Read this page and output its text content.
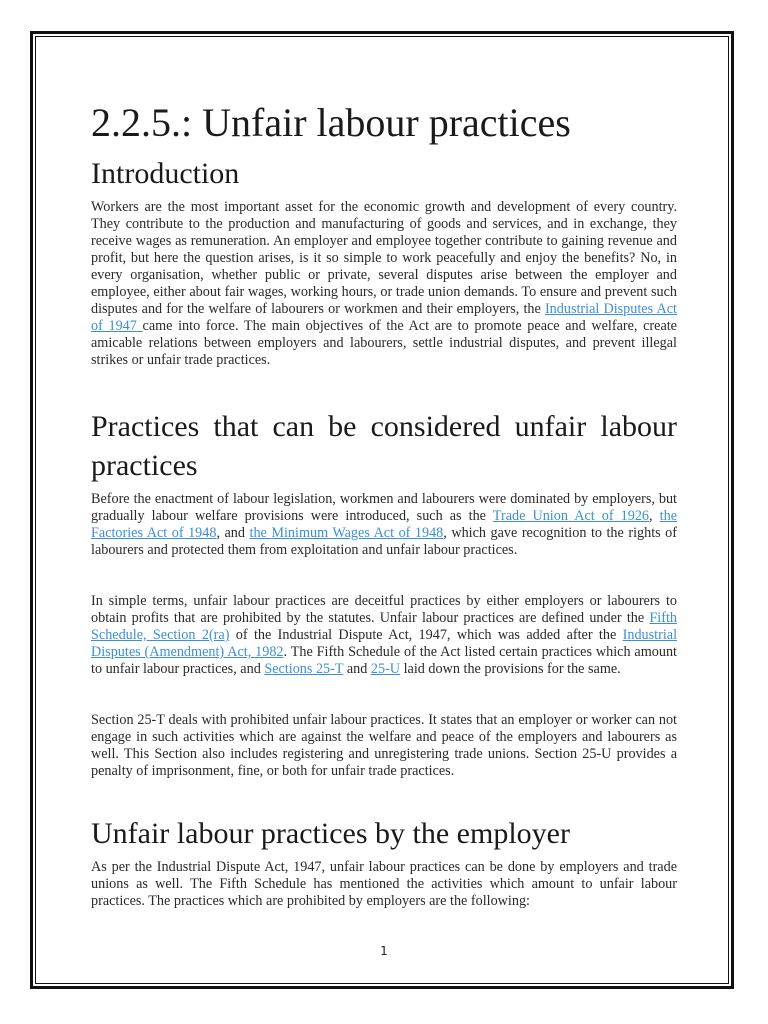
2.2.5.: Unfair labour practices
Introduction

Workers are the most important asset for the economic growth and development of every country. They contribute to the production and manufacturing of goods and services, and in exchange, they receive wages as remuneration. An employer and employee together contribute to gaining revenue and profit, but here the question arises, is it so simple to work peacefully and enjoy the benefits? No, in every organisation, whether public or private, several disputes arise between the employer and employee, either about fair wages, working hours, or trade union demands. To ensure and prevent such disputes and for the welfare of labourers or workmen and their employers, the Industrial Disputes Act of 1947 came into force. The main objectives of the Act are to promote peace and welfare, create amicable relations between employers and labourers, settle industrial disputes, and prevent illegal strikes or unfair trade practices.

Practices that can be considered unfair labour practices

Before the enactment of labour legislation, workmen and labourers were dominated by employers, but gradually labour welfare provisions were introduced, such as the Trade Union Act of 1926, the Factories Act of 1948, and the Minimum Wages Act of 1948, which gave recognition to the rights of labourers and protected them from exploitation and unfair labour practices.

In simple terms, unfair labour practices are deceitful practices by either employers or labourers to obtain profits that are prohibited by the statutes. Unfair labour practices are defined under the Fifth Schedule, Section 2(ra) of the Industrial Dispute Act, 1947, which was added after the Industrial Disputes (Amendment) Act, 1982. The Fifth Schedule of the Act listed certain practices which amount to unfair labour practices, and Sections 25-T and 25-U laid down the provisions for the same.

Section 25-T deals with prohibited unfair labour practices. It states that an employer or worker can not engage in such activities which are against the welfare and peace of the employers and labourers as well. This Section also includes registering and unregistering trade unions. Section 25-U provides a penalty of imprisonment, fine, or both for unfair trade practices.

Unfair labour practices by the employer

As per the Industrial Dispute Act, 1947, unfair labour practices can be done by employers and trade unions as well. The Fifth Schedule has mentioned the activities which amount to unfair labour practices. The practices which are prohibited by employers are the following:

1
